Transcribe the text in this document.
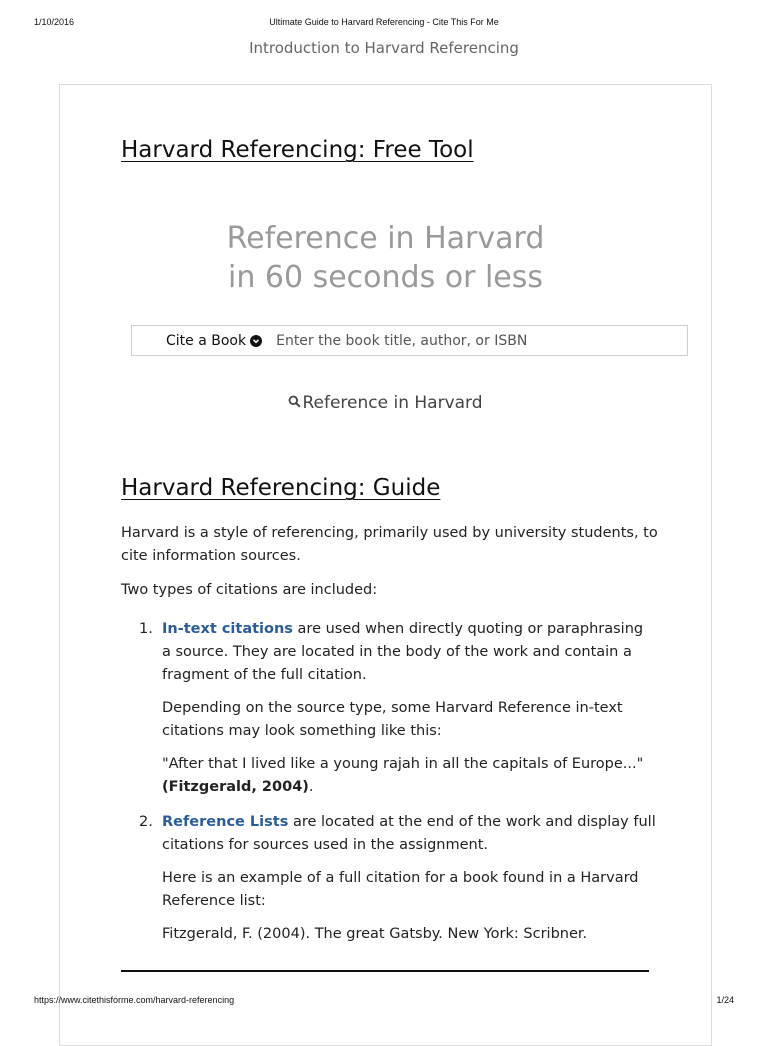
1/10/2016	Ultimate Guide to Harvard Referencing - Cite This For Me
Introduction to Harvard Referencing
Harvard Referencing: Free Tool
Reference in Harvard
in 60 seconds or less
Cite a Book
Enter the book title, author, or ISBN
Reference in Harvard
Harvard Referencing: Guide
Harvard is a style of referencing, primarily used by university students, to cite information sources.
Two types of citations are included:
1. In-text citations are used when directly quoting or paraphrasing a source. They are located in the body of the work and contain a fragment of the full citation.

Depending on the source type, some Harvard Reference in-text citations may look something like this:

"After that I lived like a young rajah in all the capitals of Europe..." (Fitzgerald, 2004).

2. Reference Lists are located at the end of the work and display full citations for sources used in the assignment.

Here is an example of a full citation for a book found in a Harvard Reference list:

Fitzgerald, F. (2004). The great Gatsby. New York: Scribner.

https://www.citethisforme.com/harvard-referencing	1/24
